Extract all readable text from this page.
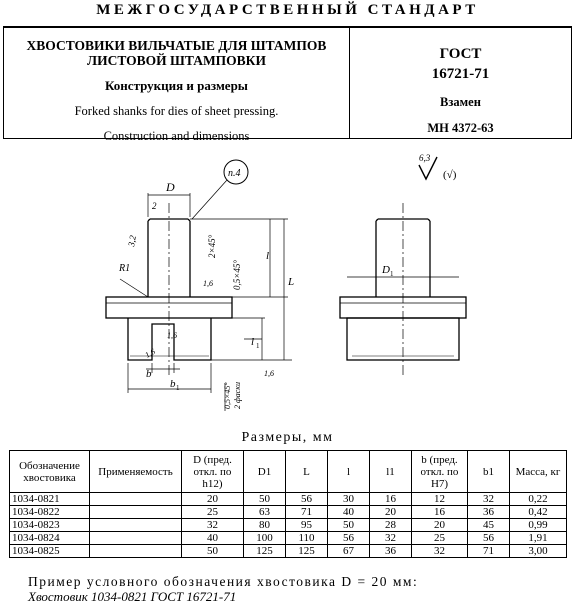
МЕЖГОСУДАРСТВЕННЫЙ СТАНДАРТ
ХВОСТОВИКИ ВИЛЬЧАТЫЕ ДЛЯ ШТАМПОВ
ЛИСТОВОЙ ШТАМПОВКИ
Конструкция и размеры
Forked shanks for dies of sheet pressing.
Construction and dimensions
ГОСТ
16721-71
Взамен
МН 4372-63
D
п.4
2
3,2
R1
1,6
2×45°
0,5×45°
l
L
l 1
1,6
1,6
b
b 1	0,5×45° 2 фаски
1,6
D 1
6,3
(√)
Размеры, мм
Обозначение хвостовика	Применяемость	D (пред. откл. по h12)	D1	L	l	l1	b (пред. откл. по H7)	b1	Масса, кг
1034-0821		20	50	56	30	16	12	32	0,22
1034-0822		25	63	71	40	20	16	36	0,42
1034-0823		32	80	95	50	28	20	45	0,99
1034-0824		40	100	110	56	32	25	56	1,91
1034-0825		50	125	125	67	36	32	71	3,00
Пример условного обозначения хвостовика D = 20 мм:
Хвостовик 1034-0821 ГОСТ 16721-71
